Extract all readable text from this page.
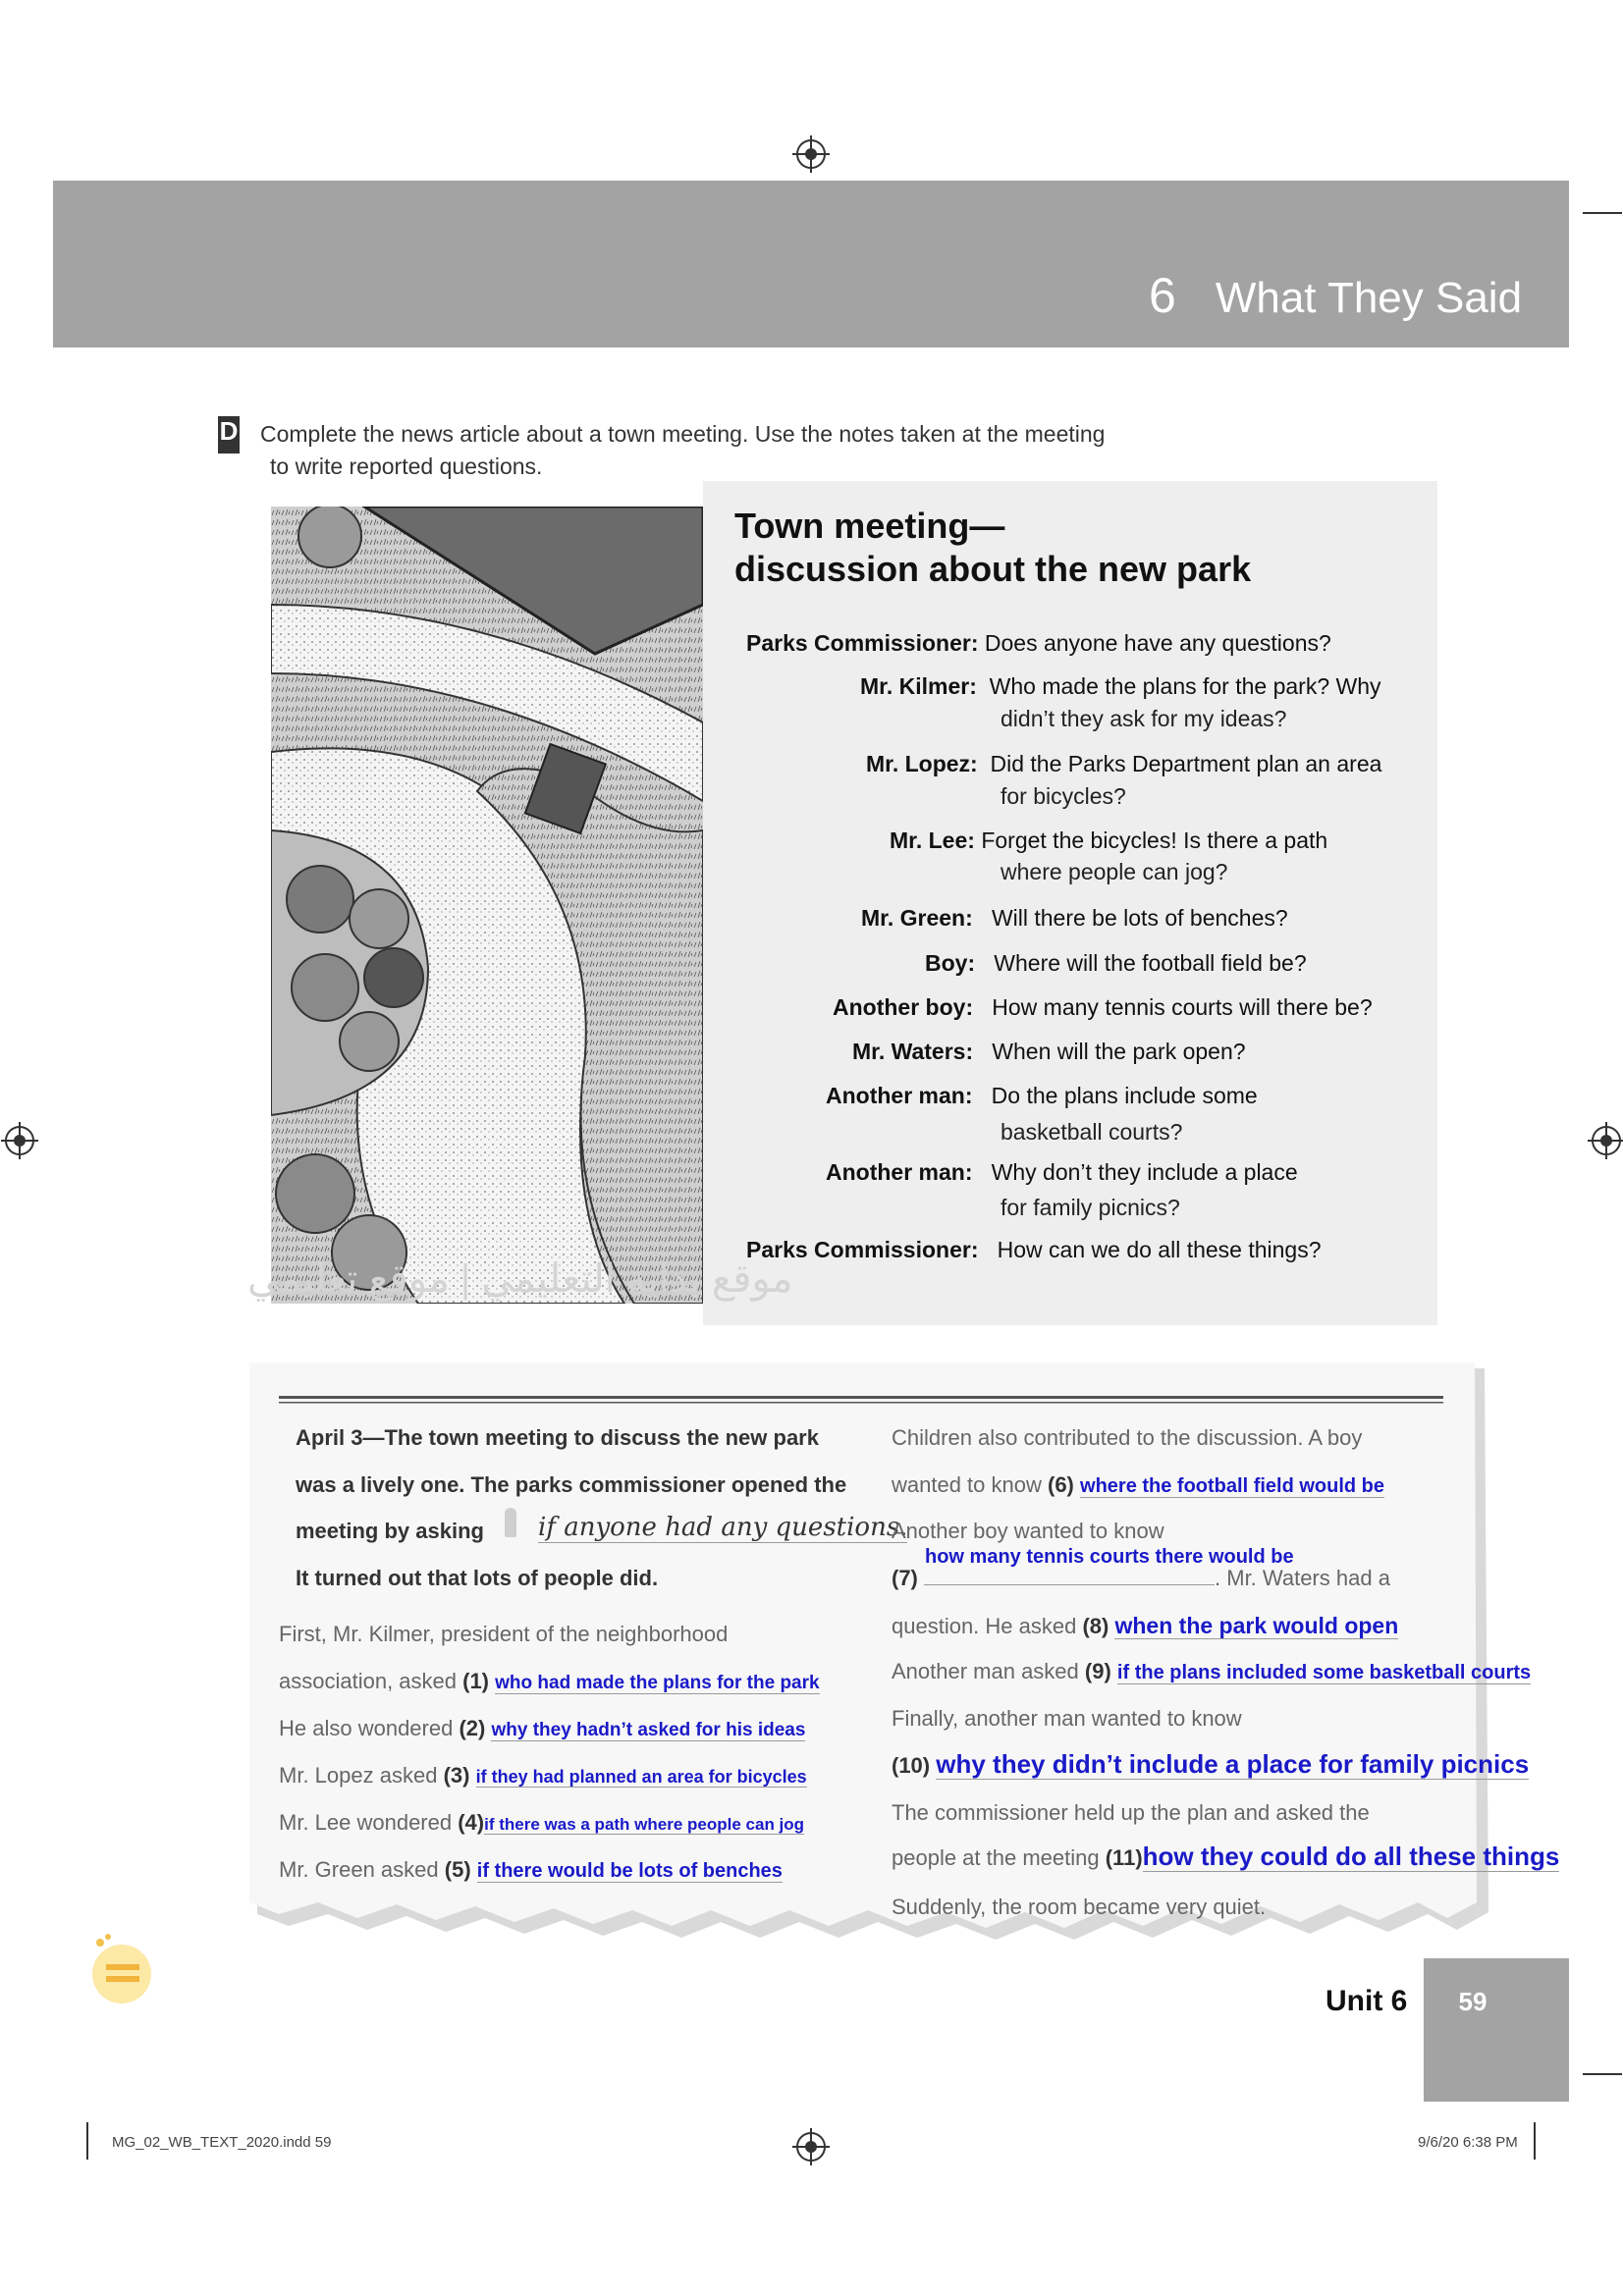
6 What They Said
D Complete the news article about a town meeting. Use the notes taken at the meeting
to write reported questions.
Town meeting—
discussion about the new park
Parks Commissioner: Does anyone have any questions?
Mr. Kilmer: Who made the plans for the park? Why
didn’t they ask for my ideas?
Mr. Lopez: Did the Parks Department plan an area
for bicycles?
Mr. Lee: Forget the bicycles! Is there a path
where people can jog?
Mr. Green: Will there be lots of benches?
Boy: Where will the football field be?
Another boy: How many tennis courts will there be?
Mr. Waters: When will the park open?
Another man: Do the plans include some
basketball courts?
Another man: Why don’t they include a place
for family picnics?
Parks Commissioner: How can we do all these things?
موقع بداية التعليمي | موقع تعليمي
April 3—The town meeting to discuss the new park
was a lively one. The parks commissioner opened the
meeting by asking if anyone had any questions.
It turned out that lots of people did.
First, Mr. Kilmer, president of the neighborhood
association, asked (1) who had made the plans for the park
He also wondered (2) why they hadn’t asked for his ideas
Mr. Lopez asked (3) if they had planned an area for bicycles
Mr. Lee wondered (4)if there was a path where people can jog
Mr. Green asked (5) if there would be lots of benches
Children also contributed to the discussion. A boy
wanted to know (6) where the football field would be
Another boy wanted to know
how many tennis courts there would be
(7)	. Mr. Waters had a
question. He asked (8) when the park would open
Another man asked (9) if the plans included some basketball courts
Finally, another man wanted to know
(10) why they didn’t include a place for family picnics
The commissioner held up the plan and asked the
people at the meeting (11)how they could do all these things
Suddenly, the room became very quiet.
Unit 6	59
MG_02_WB_TEXT_2020.indd 59	9/6/20 6:38 PM
